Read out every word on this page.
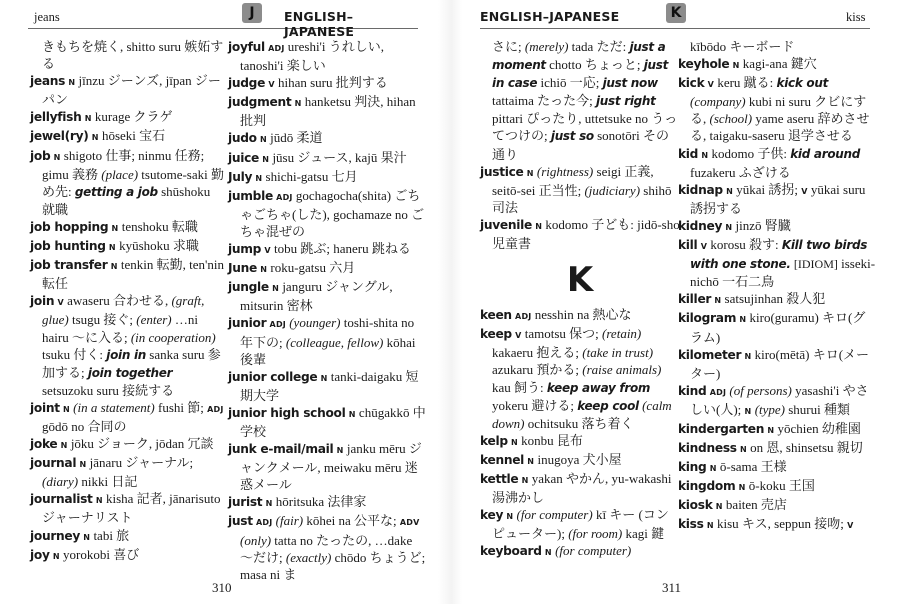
jeans	J	ENGLISH–JAPANESE

きもちを焼く, shitto suru 嫉妬する

jeans N jīnzu ジーンズ, jīpan ジーパン

jellyfish N kurage クラゲ

jewel(ry) N hōseki 宝石

job N shigoto 仕事; ninmu 任務; gimu 義務 (place) tsutome-saki 勤め先: getting a job shūshoku 就職

job hopping N tenshoku 転職

job hunting N kyūshoku 求職

job transfer N tenkin 転勤, ten'nin 転任

join V awaseru 合わせる, (graft, glue) tsugu 接ぐ; (enter) …ni hairu ～に入る; (in cooperation) tsuku 付く: join in sanka suru 参加する; join together setsuzoku suru 接続する

joint N (in a statement) fushi 節; ADJ gōdō no 合同の

joke N jōku ジョーク, jōdan 冗談

journal N jānaru ジャーナル; (diary) nikki 日記

journalist N kisha 記者, jānarisuto ジャーナリスト

journey N tabi 旅

joy N yorokobi 喜び

joyful ADJ ureshi'i うれしい, tanoshi'i 楽しい

judge V hihan suru 批判する

judgment N hanketsu 判決, hihan 批判

judo N jūdō 柔道

juice N jūsu ジュース, kajū 果汁

July N shichi-gatsu 七月

jumble ADJ gochagocha(shita) ごちゃごちゃ(した), gochamaze no ごちゃ混ぜの

jump V tobu 跳ぶ; haneru 跳ねる

June N roku-gatsu 六月

jungle N janguru ジャングル, mitsurin 密林

junior ADJ (younger) toshi-shita no 年下の; (colleague, fellow) kōhai 後輩

junior college N tanki-daigaku 短期大学

junior high school N chūgakkō 中学校

junk e-mail/mail N janku mēru ジャンクメール, meiwaku mēru 迷惑メール

jurist N hōritsuka 法律家

just ADJ (fair) kōhei na 公平な; ADV (only) tatta no たったの, …dake ～だけ; (exactly) chōdo ちょうど; masa ni ま

310
ENGLISH–JAPANESE	K	kiss

さに; (merely) tada ただ: just a moment chotto ちょっと; just in case ichiō 一応; just now tattaima たった今; just right pittari ぴったり, uttetsuke no うってつけの; just so sonotōri その通り

justice N (rightness) seigi 正義, seitō-sei 正当性; (judiciary) shihō 司法

juvenile N kodomo 子ども: jidō-sho 児童書

K

keen ADJ nesshin na 熱心な

keep V tamotsu 保つ; (retain) kakaeru 抱える; (take in trust) azukaru 預かる; (raise animals) kau 飼う: keep away from yokeru 避ける; keep cool (calm down) ochitsuku 落ち着く

kelp N konbu 昆布

kennel N inugoya 犬小屋

kettle N yakan やかん, yu-wakashi 湯沸かし

key N (for computer) kī キー (コンピューター); (for room) kagi 鍵

keyboard N (for computer)

kībōdo キーボード

keyhole N kagi-ana 鍵穴

kick V keru 蹴る: kick out (company) kubi ni suru クビにする, (school) yame aseru 辞めさせる, taigaku-saseru 退学させる

kid N kodomo 子供: kid around fuzakeru ふざける

kidnap N yūkai 誘拐; V yūkai suru 誘拐する

kidney N jinzō 腎臓

kill V korosu 殺す: Kill two birds with one stone. [IDIOM] isseki-nichō 一石二鳥

killer N satsujinhan 殺人犯

kilogram N kiro(guramu) キロ(グラム)

kilometer N kiro(mētā) キロ(メーター)

kind ADJ (of persons) yasashi'i やさしい(人); N (type) shurui 種類

kindergarten N yōchien 幼稚園

kindness N on 恩, shinsetsu 親切

king N ō-sama 王様

kingdom N ō-koku 王国

kiosk N baiten 売店

kiss N kisu キス, seppun 接吻; V

311
